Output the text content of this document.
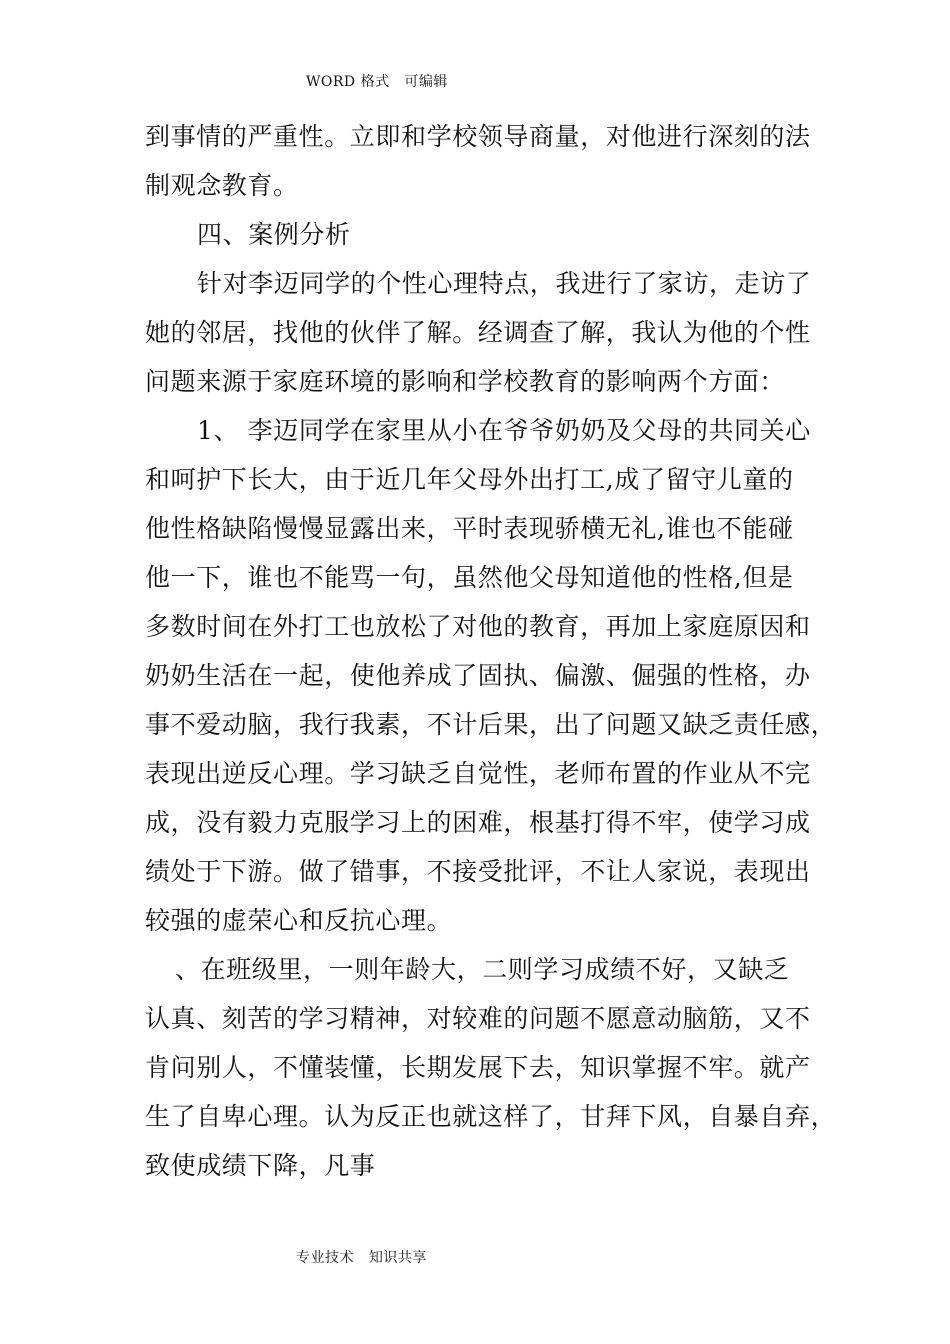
WORD 格式   可编辑
到事情的严重性。立即和学校领导商量，对他进行深刻的法
制观念教育。
四、案例分析
针对李迈同学的个性心理特点，我进行了家访，走访了
她的邻居，找他的伙伴了解。经调查了解，我认为他的个性
问题来源于家庭环境的影响和学校教育的影响两个方面：
1、 李迈同学在家里从小在爷爷奶奶及父母的共同关心
和呵护下长大，由于近几年父母外出打工,成了留守儿童的
他性格缺陷慢慢显露出来，平时表现骄横无礼,谁也不能碰
他一下，谁也不能骂一句，虽然他父母知道他的性格,但是
多数时间在外打工也放松了对他的教育，再加上家庭原因和
奶奶生活在一起，使他养成了固执、偏激、倔强的性格，办
事不爱动脑，我行我素，不计后果，出了问题又缺乏责任感，
表现出逆反心理。学习缺乏自觉性，老师布置的作业从不完
成，没有毅力克服学习上的困难，根基打得不牢，使学习成
绩处于下游。做了错事，不接受批评，不让人家说，表现出
较强的虚荣心和反抗心理。
、在班级里，一则年龄大，二则学习成绩不好，又缺乏
认真、刻苦的学习精神，对较难的问题不愿意动脑筋，又不
肯问别人，不懂装懂，长期发展下去，知识掌握不牢。就产
生了自卑心理。认为反正也就这样了，甘拜下风，自暴自弃，
致使成绩下降，凡事
专业技术   知识共享
